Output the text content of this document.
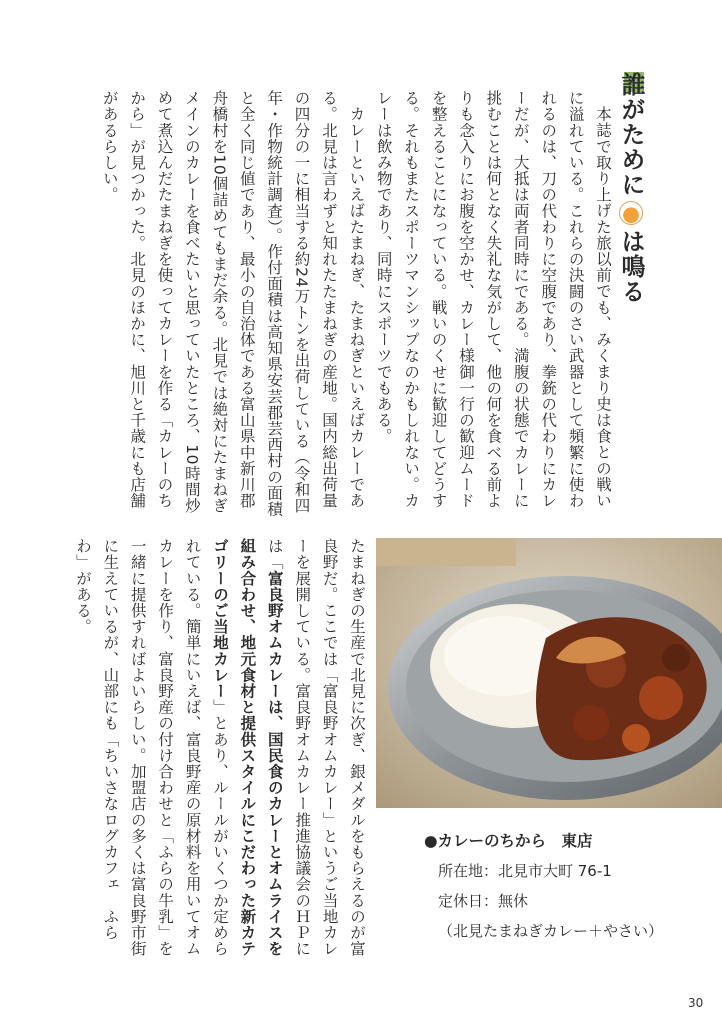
誰がためには鳴る
本誌で取り上げた旅以前でも、みくまり史は食との戦いに溢れている。これらの決闘のさい武器として頻繁に使われるのは、刀の代わりに空腹であり、拳銃の代わりにカレーだが、大抵は両者同時にである。満腹の状態でカレーに挑むことは何となく失礼な気がして、他の何を食べる前よりも念入りにお腹を空かせ、カレー様御一行の歓迎ムードを整えることになっている。戦いのくせに歓迎してどうする。それもまたスポーツマンシップなのかもしれない。カレーは飲み物であり、同時にスポーツでもある。
カレーといえばたまねぎ、たまねぎといえばカレーである。北見は言わずと知れたたまねぎの産地。国内総出荷量の四分の一に相当する約24万トンを出荷している（令和四年・作物統計調査）。作付面積は高知県安芸郡芸西村の面積と全く同じ値であり、最小の自治体である富山県中新川郡舟橋村を10個詰めてもまだ余る。北見では絶対にたまねぎメインのカレーを食べたいと思っていたところ、10時間炒めて煮込んだたまねぎを使ってカレーを作る「カレーのちから」が見つかった。北見のほかに、旭川と千歳にも店舗があるらしい。
たまねぎの生産で北見に次ぎ、銀メダルをもらえるのが富良野だ。ここでは「富良野オムカレー」というご当地カレーを展開している。富良野オムカレー推進協議会のＨＰには「富良野オムカレーは、国民食のカレーとオムライスを組み合わせ、地元食材と提供スタイルにこだわった新カテゴリーのご当地カレー」とあり、ルールがいくつか定められている。簡単にいえば、富良野産の原材料を用いてオムカレーを作り、富良野産の付け合わせと「ふらの牛乳」を一緒に提供すればよいらしい。加盟店の多くは富良野市街に生えているが、山部にも「ちいさなログカフェ　ふらわ」がある。
●カレーのちから　東店
所在地：北見市大町 76-1
定休日：無休
（北見たまねぎカレー＋やさい）
30
